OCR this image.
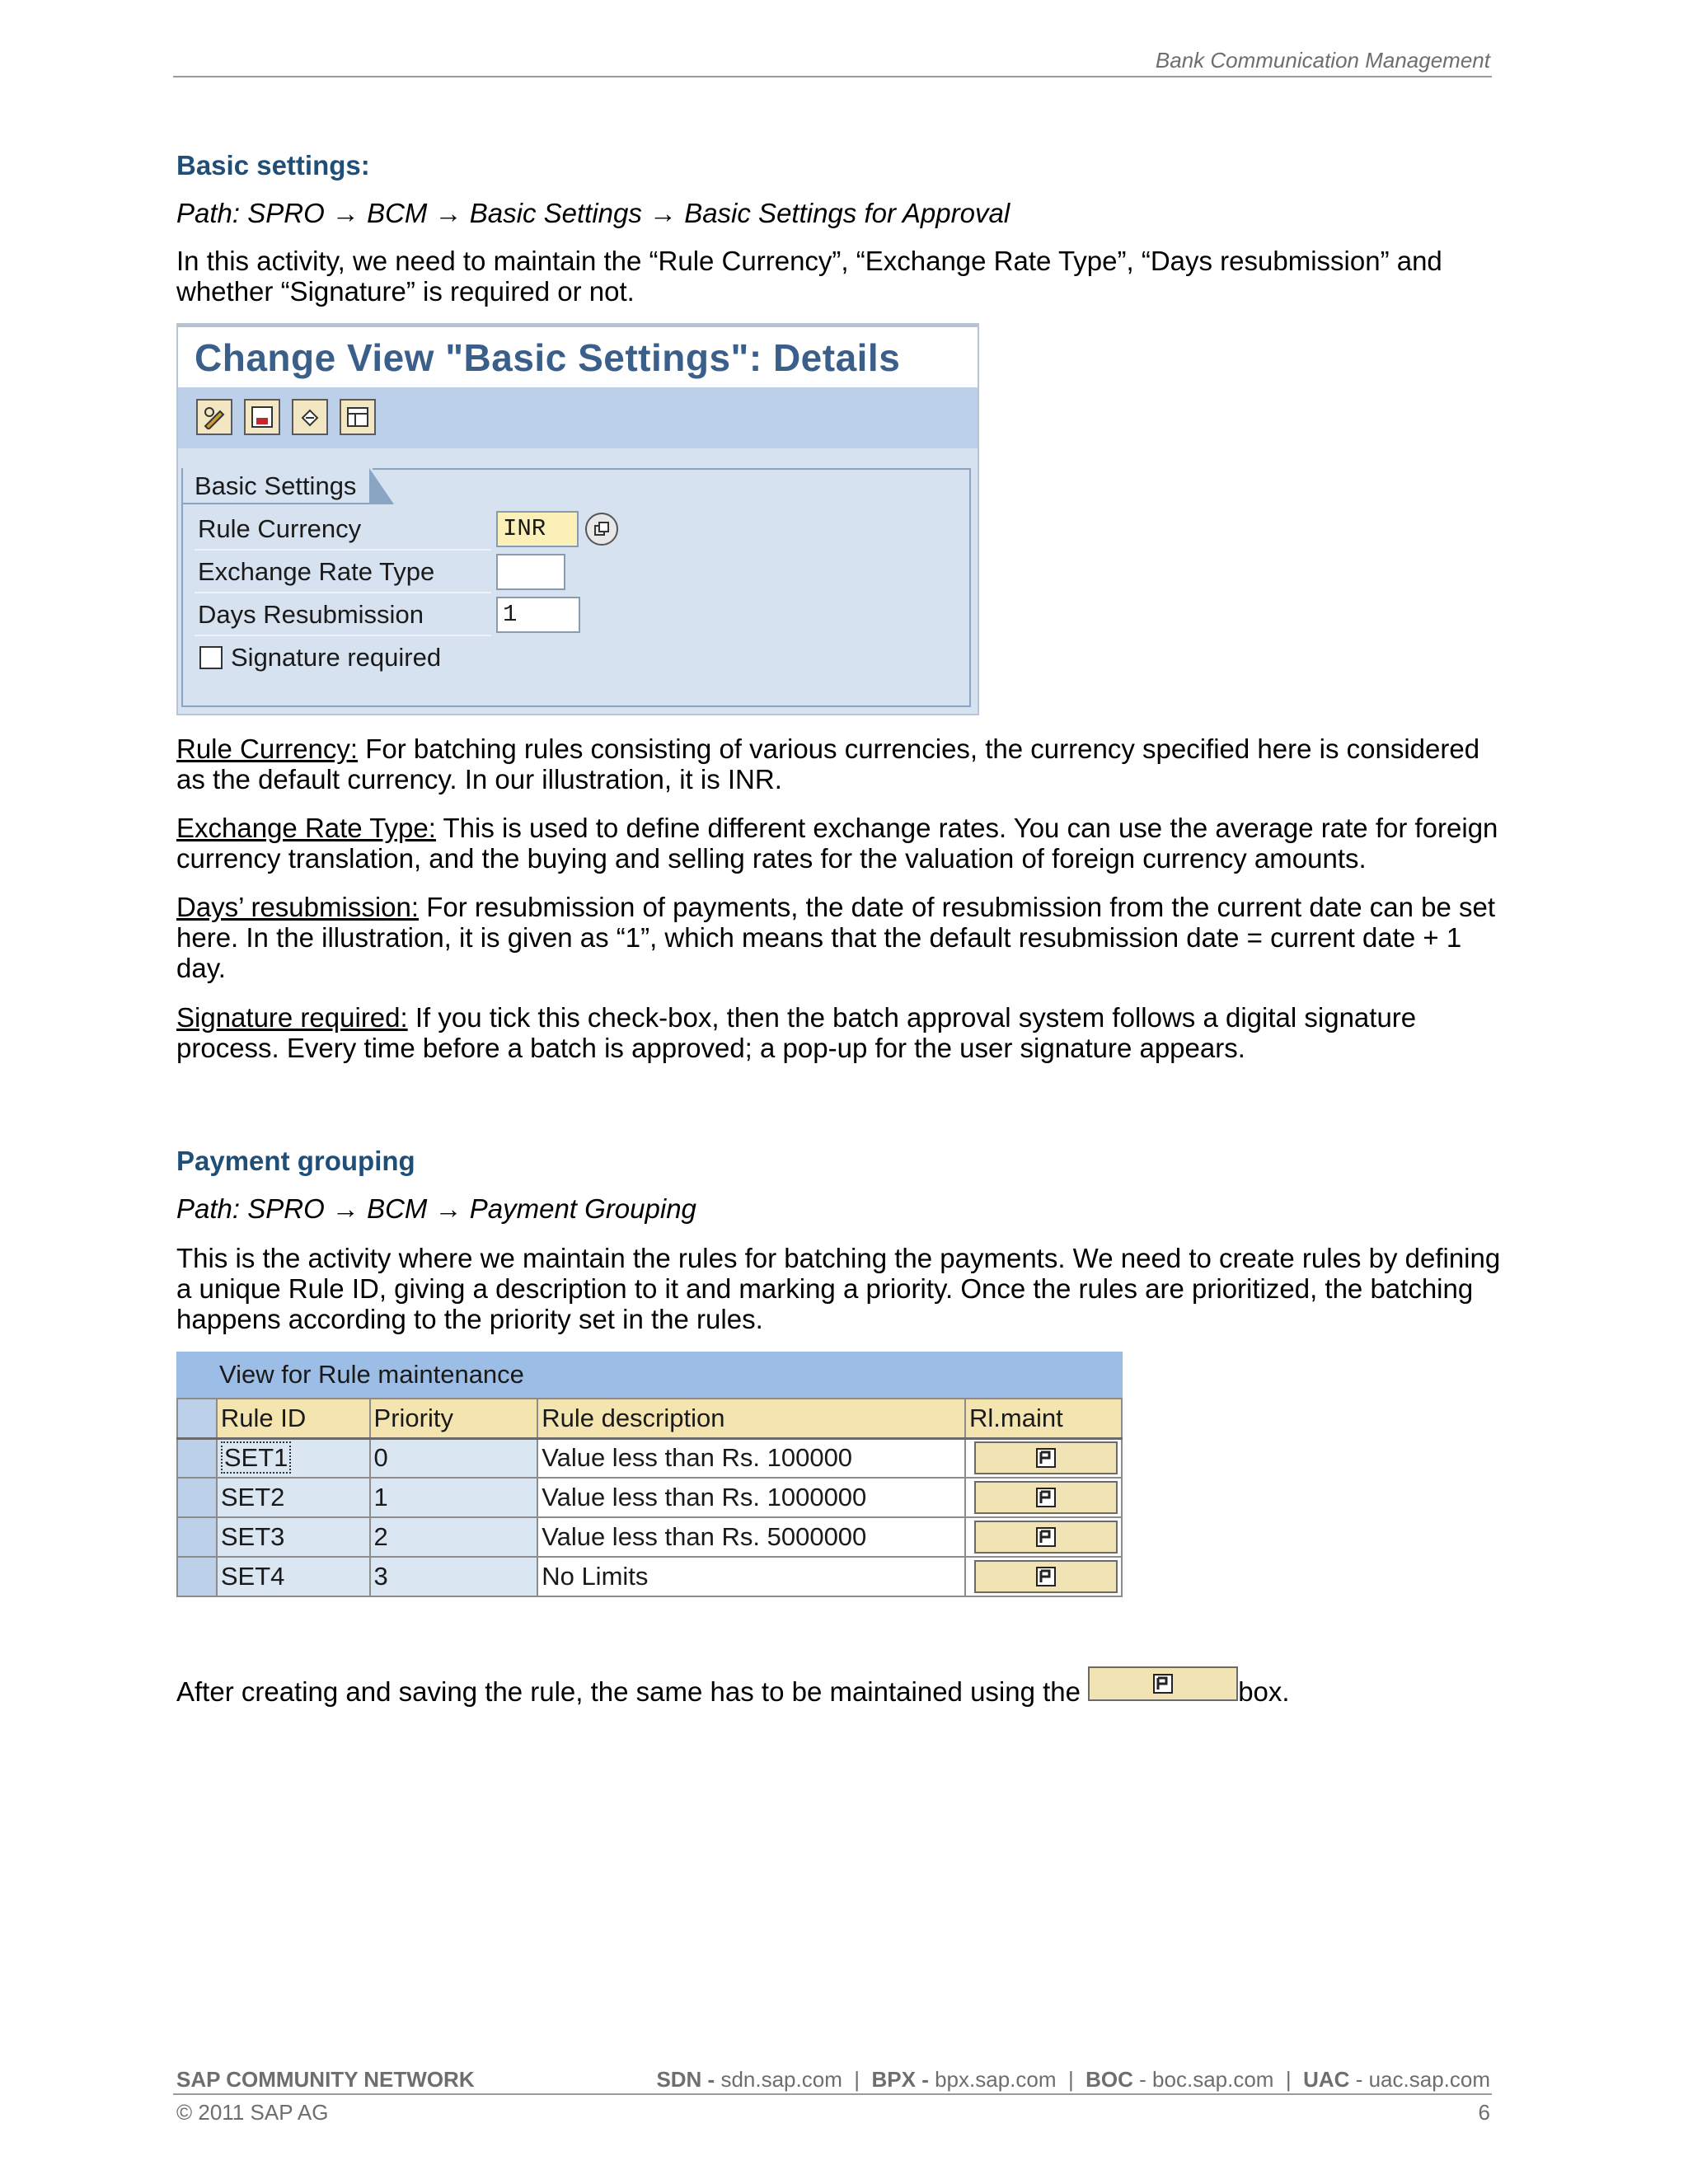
Bank Communication Management
Basic settings:
Path: SPRO → BCM → Basic Settings → Basic Settings for Approval
In this activity, we need to maintain the “Rule Currency”, “Exchange Rate Type”, “Days resubmission” and whether “Signature” is required or not.
Change View "Basic Settings": Details
Basic Settings
Rule Currency	INR
Exchange Rate Type
Days Resubmission	1
Signature required
Rule Currency: For batching rules consisting of various currencies, the currency specified here is considered as the default currency. In our illustration, it is INR.
Exchange Rate Type: This is used to define different exchange rates. You can use the average rate for foreign currency translation, and the buying and selling rates for the valuation of foreign currency amounts.
Days’ resubmission: For resubmission of payments, the date of resubmission from the current date can be set here. In the illustration, it is given as “1”, which means that the default resubmission date = current date + 1 day.
Signature required: If you tick this check-box, then the batch approval system follows a digital signature process. Every time before a batch is approved; a pop-up for the user signature appears.
Payment grouping
Path: SPRO → BCM → Payment Grouping
This is the activity where we maintain the rules for batching the payments. We need to create rules by defining a unique Rule ID, giving a description to it and marking a priority. Once the rules are prioritized, the batching happens according to the priority set in the rules.
View for Rule maintenance
	Rule ID	Priority	Rule description	Rl.maint
	SET1	0	Value less than Rs. 100000	

	SET2	1	Value less than Rs. 1000000	

	SET3	2	Value less than Rs. 5000000	

	SET4	3	No Limits	
After creating and saving the rule, the same has to be maintained using the	box.
SAP COMMUNITY NETWORK	SDN - sdn.sap.com  |  BPX - bpx.sap.com  |  BOC - boc.sap.com  |  UAC - uac.sap.com
© 2011 SAP AG	6
